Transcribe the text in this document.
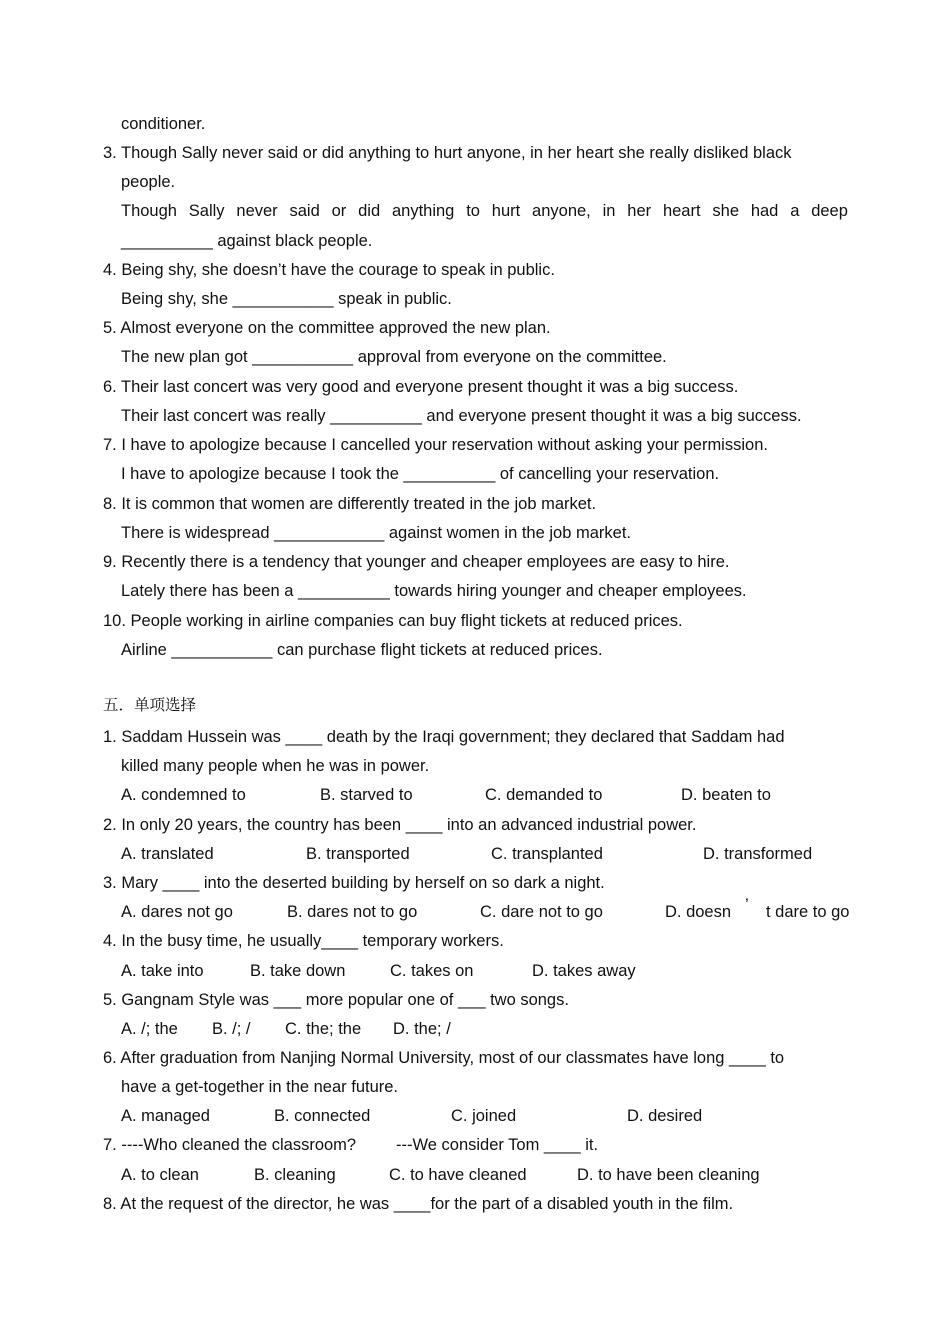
conditioner.
3. Though Sally never said or did anything to hurt anyone, in her heart she really disliked black
people.
Though Sally never said or did anything to hurt anyone, in her heart she had a deep
__________ against black people.
4. Being shy, she doesn’t have the courage to speak in public.
Being shy, she ___________ speak in public.
5. Almost everyone on the committee approved the new plan.
The new plan got ___________ approval from everyone on the committee.
6. Their last concert was very good and everyone present thought it was a big success.
Their last concert was really __________ and everyone present thought it was a big success.
7. I have to apologize because I cancelled your reservation without asking your permission.
I have to apologize because I took the __________ of cancelling your reservation.
8. It is common that women are differently treated in the job market.
There is widespread ____________ against women in the job market.
9. Recently there is a tendency that younger and cheaper employees are easy to hire.
Lately there has been a __________ towards hiring younger and cheaper employees.
10. People working in airline companies can buy flight tickets at reduced prices.
Airline ___________ can purchase flight tickets at reduced prices.
五．单项选择
1. Saddam Hussein was ____ death by the Iraqi government; they declared that Saddam had
killed many people when he was in power.
A. condemned to	B. starved to	C. demanded to	D. beaten to
2. In only 20 years, the country has been ____ into an advanced industrial power.
A. translated	B. transported	C. transplanted	D. transformed
3. Mary ____ into the deserted building by herself on so dark a night.
A. dares not go	B. dares not to go	C. dare not to go	D. doesn ’ t dare to go
4. In the busy time, he usually____ temporary workers.
A. take into	B. take down	C. takes on	D. takes away
5. Gangnam Style was ___ more popular one of ___ two songs.
A. /; the B. /; / C. the; the D. the; /
6. After graduation from Nanjing Normal University, most of our classmates have long ____ to
have a get-together in the near future.
A. managed	B. connected	C. joined	D. desired
7. ----Who cleaned the classroom? ---We consider Tom ____ it.
A. to clean	B. cleaning	C. to have cleaned	D. to have been cleaning
8. At the request of the director, he was ____for the part of a disabled youth in the film.
